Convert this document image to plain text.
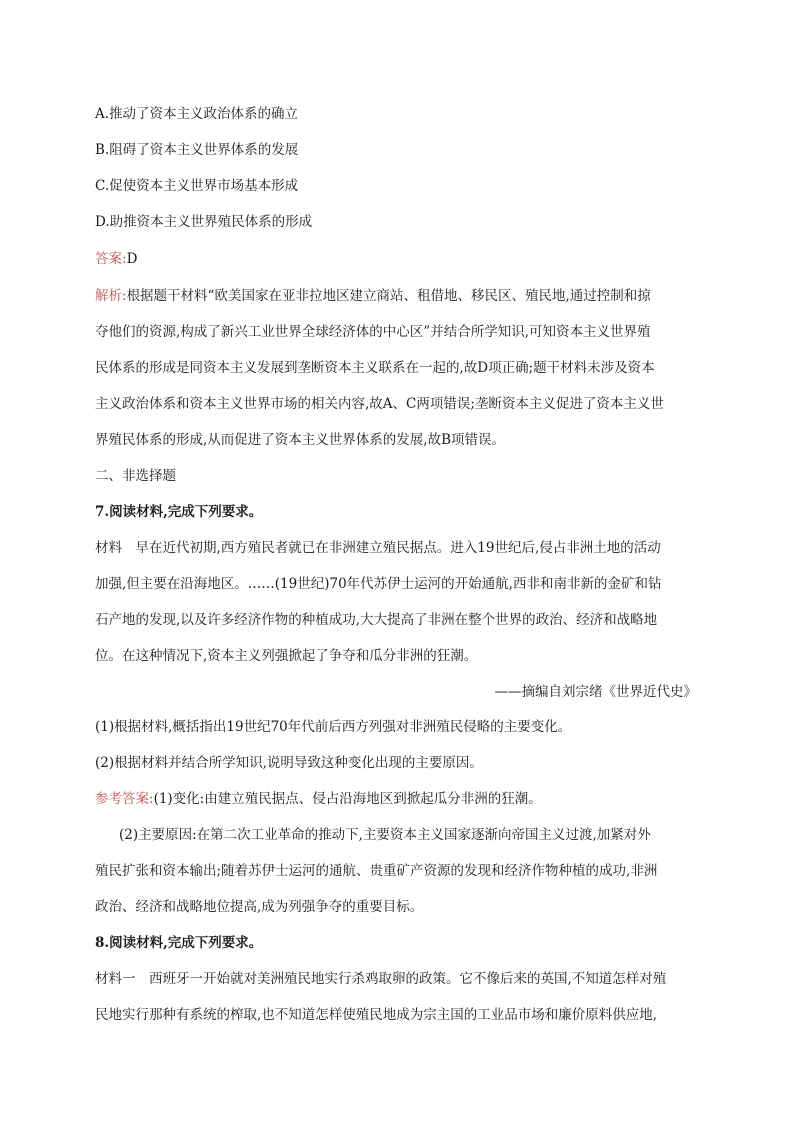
A.推动了资本主义政治体系的确立
B.阻碍了资本主义世界体系的发展
C.促使资本主义世界市场基本形成
D.助推资本主义世界殖民体系的形成
答案:D
解析:根据题干材料“欧美国家在亚非拉地区建立商站、租借地、移民区、殖民地,通过控制和掠
夺他们的资源,构成了新兴工业世界全球经济体的中心区”并结合所学知识,可知资本主义世界殖
民体系的形成是同资本主义发展到垄断资本主义联系在一起的,故D项正确;题干材料未涉及资本
主义政治体系和资本主义世界市场的相关内容,故A、C两项错误;垄断资本主义促进了资本主义世
界殖民体系的形成,从而促进了资本主义世界体系的发展,故B项错误。
二、非选择题
7.阅读材料,完成下列要求。
材料　早在近代初期,西方殖民者就已在非洲建立殖民据点。进入19世纪后,侵占非洲土地的活动
加强,但主要在沿海地区。……(19世纪)70年代苏伊士运河的开始通航,西非和南非新的金矿和钻
石产地的发现,以及许多经济作物的种植成功,大大提高了非洲在整个世界的政治、经济和战略地
位。在这种情况下,资本主义列强掀起了争夺和瓜分非洲的狂潮。
——摘编自刘宗绪《世界近代史》
(1)根据材料,概括指出19世纪70年代前后西方列强对非洲殖民侵略的主要变化。
(2)根据材料并结合所学知识,说明导致这种变化出现的主要原因。
参考答案:(1)变化:由建立殖民据点、侵占沿海地区到掀起瓜分非洲的狂潮。
(2)主要原因:在第二次工业革命的推动下,主要资本主义国家逐渐向帝国主义过渡,加紧对外
殖民扩张和资本输出;随着苏伊士运河的通航、贵重矿产资源的发现和经济作物种植的成功,非洲
政治、经济和战略地位提高,成为列强争夺的重要目标。
8.阅读材料,完成下列要求。
材料一　西班牙一开始就对美洲殖民地实行杀鸡取卵的政策。它不像后来的英国,不知道怎样对殖
民地实行那种有系统的榨取,也不知道怎样使殖民地成为宗主国的工业品市场和廉价原料供应地,
